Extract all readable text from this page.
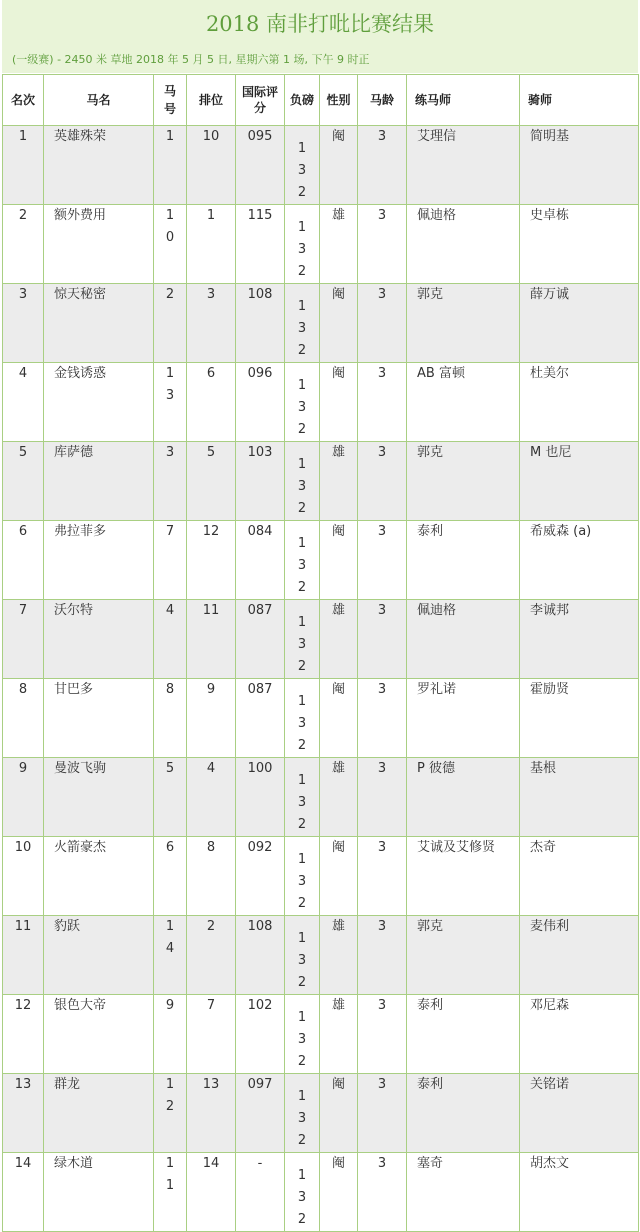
2018 南非打吡比赛结果
(一级赛) - 2450 米 草地 2018 年 5 月 5 日, 星期六第 1 场, 下午 9 时正
名次	马名	马号	排位	国际评分	负磅	性别	马龄	练马师	骑师
1	英雄殊荣	1	10	095	132	阉	3	艾理信	简明基
2	额外费用	10	1	115	132	雄	3	佩迪格	史卓栋
3	惊天秘密	2	3	108	132	阉	3	郭克	薛万诚
4	金钱诱惑	13	6	096	132	阉	3	AB 富顿	杜美尔
5	库萨德	3	5	103	132	雄	3	郭克	M 也尼
6	弗拉菲多	7	12	084	132	阉	3	泰利	希威森 (a)
7	沃尔特	4	11	087	132	雄	3	佩迪格	李诚邦
8	甘巴多	8	9	087	132	阉	3	罗礼诺	霍励贤
9	曼波飞驹	5	4	100	132	雄	3	P 彼德	基根
10	火箭豪杰	6	8	092	132	阉	3	艾诚及艾修贤	杰奇
11	豹跃	14	2	108	132	雄	3	郭克	麦伟利
12	银色大帝	9	7	102	132	雄	3	泰利	邓尼森
13	群龙	12	13	097	132	阉	3	泰利	关铭诺
14	绿木道	11	14	-	132	阉	3	塞奇	胡杰文
